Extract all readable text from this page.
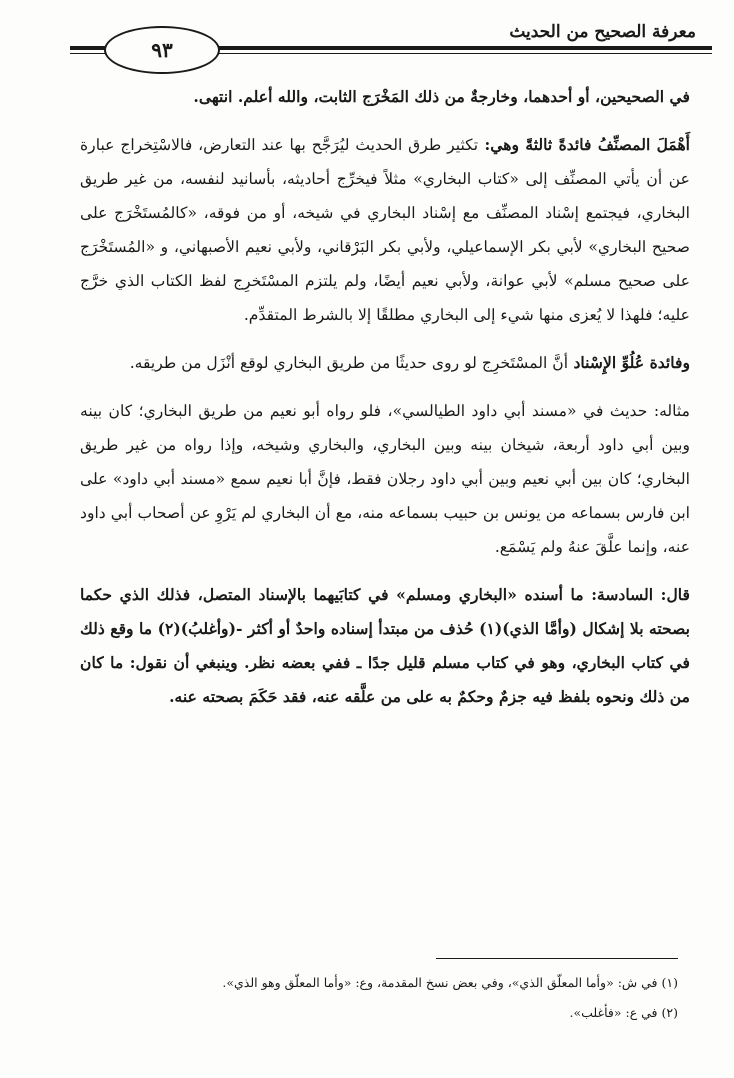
معرفة الصحيح من الحديث
٩٣

في الصحيحين، أو أحدهما، وخارجةٌ من ذلك المَخْرَج الثابت، والله أعلم. انتهى.

أَهْمَلَ المصنِّفُ فائدةً ثالثةً وهي: تكثير طرق الحديث ليُرَجَّح بها عند التعارض، فالاسْتِخراج عبارة عن أن يأتي المصنِّف إلى «كتاب البخاري» مثلاً فيخرِّج أحاديثه، بأسانيد لنفسه، من غير طريق البخاري، فيجتمع إسْناد المصنِّف مع إسْناد البخاري في شيخه، أو من فوقه، «كالمُستَخْرَج على صحيح البخاري» لأبي بكر الإسماعيلي، ولأبي بكر البَرْقاني، ولأبي نعيم الأصبهاني، و «المُستَخْرَج على صحيح مسلم» لأبي عوانة، ولأبي نعيم أيضًا، ولم يلتزم المسْتَخرِج لفظ الكتاب الذي خرَّج عليه؛ فلهذا لا يُعزى منها شيء إلى البخاري مطلقًا إلا بالشرط المتقدِّم.

وفائدة عُلُوِّ الإِسْناد أنَّ المسْتَخرِج لو روى حديثًا من طريق البخاري لوقع أنْزَل من طريقه.

مثاله: حديث في «مسند أبي داود الطيالسي»، فلو رواه أبو نعيم من طريق البخاري؛ كان بينه وبين أبي داود أربعة، شيخان بينه وبين البخاري، والبخاري وشيخه، وإذا رواه من غير طريق البخاري؛ كان بين أبي نعيم وبين أبي داود رجلان فقط، فإنَّ أبا نعيم سمع «مسند أبي داود» على ابن فارس بسماعه من يونس بن حبيب بسماعه منه، مع أن البخاري لم يَرْوِ عن أصحاب أبي داود عنه، وإنما علَّقَ عنهُ ولم يَسْمَع.

قال: السادسة: ما أسنده «البخاري ومسلم» في كتابَيهما بالإسناد المتصل، فذلك الذي حكما بصحته بلا إشكال (وأمَّا الذي)(١) حُذف من مبتدأ إسناده واحدٌ أو أكثر -(وأغلبُ)(٢) ما وقع ذلك في كتاب البخاري، وهو في كتاب مسلم قليل جدًا ـ ففي بعضه نظر. وينبغي أن نقول: ما كان من ذلك ونحوه بلفظ فيه جزمٌ وحكمٌ به على من علَّقه عنه، فقد حَكَمَ بصحته عنه.

(١) في ش: «وأما المعلّق الذي»، وفي بعض نسخ المقدمة، وع: «وأما المعلّق وهو الذي».

(٢) في ع: «فأغلب».
